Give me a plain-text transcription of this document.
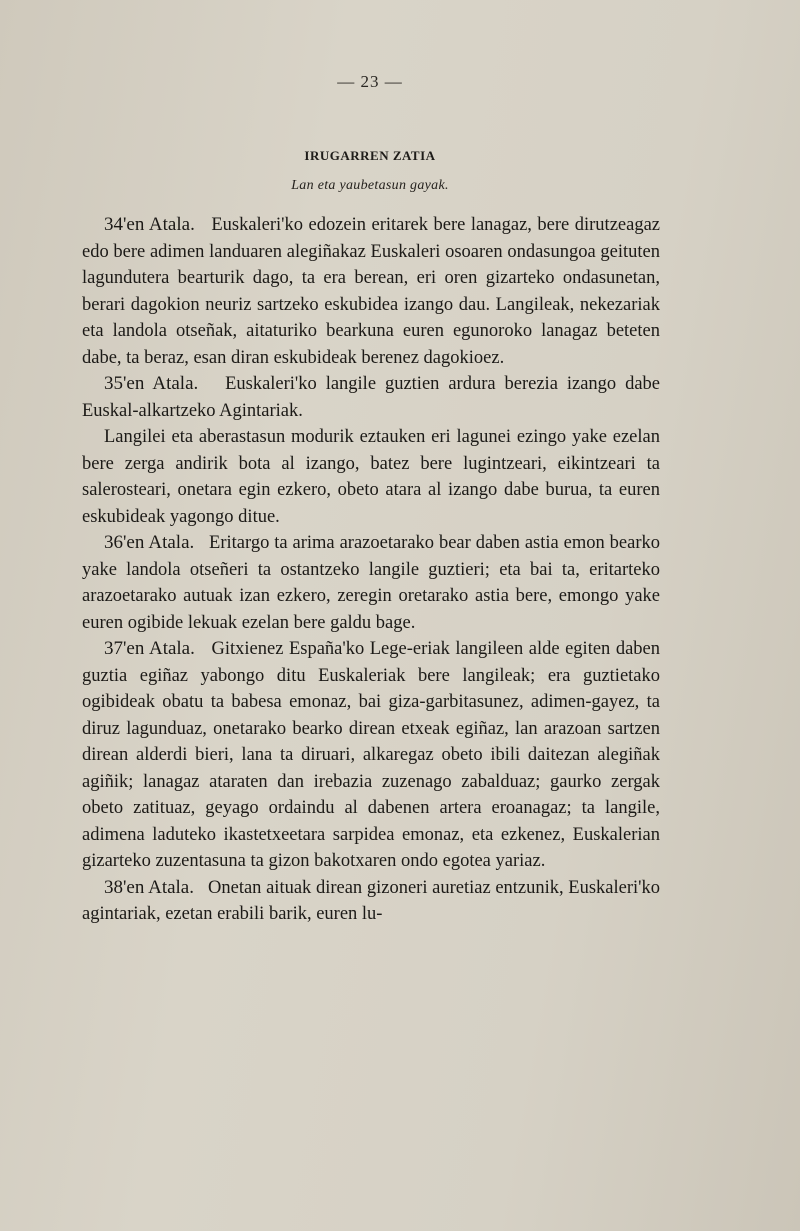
— 23 —
IRUGARREN ZATIA
Lan eta yaubetasun gayak.

34'en Atala. Euskaleri'ko edozein eritarek bere lanagaz, bere dirutzeagaz edo bere adimen landuaren alegiñakaz Euskaleri osoaren ondasungoa geituten lagundutera bearturik dago, ta era berean, eri oren gizarteko ondasunetan, berari dagokion neuriz sartzeko eskubidea izango dau. Langileak, nekezariak eta landola otseñak, aitaturiko bearkuna euren egunoroko lanagaz beteten dabe, ta beraz, esan diran eskubideak berenez dagokioez.

35'en Atala. Euskaleri'ko langile guztien ardura berezia izango dabe Euskal-alkartzeko Agintariak.

Langilei eta aberastasun modurik eztauken eri lagunei ezingo yake ezelan bere zerga andirik bota al izango, batez bere lugintzeari, eikintzeari ta salerosteari, onetara egin ezkero, obeto atara al izango dabe burua, ta euren eskubideak yagongo ditue.

36'en Atala. Eritargo ta arima arazoetarako bear daben astia emon bearko yake landola otseñeri ta ostantzeko langile guztieri; eta bai ta, eritarteko arazoetarako autuak izan ezkero, zeregin oretarako astia bere, emongo yake euren ogibide lekuak ezelan bere galdu bage.

37'en Atala. Gitxienez España'ko Lege-eriak langileen alde egiten daben guztia egiñaz yabongo ditu Euskaleriak bere langileak; era guztietako ogibideak obatu ta babesa emonaz, bai giza-garbitasunez, adimen-gayez, ta diruz lagunduaz, onetarako bearko direan etxeak egiñaz, lan arazoan sartzen direan alderdi bieri, lana ta diruari, alkaregaz obeto ibili daitezan alegiñak agiñik; lanagaz ataraten dan irebazia zuzenago zabalduaz; gaurko zergak obeto zatituaz, geyago ordaindu al dabenen artera eroanagaz; ta langile, adimena laduteko ikastetxeetara sarpidea emonaz, eta ezkenez, Euskalerian gizarteko zuzentasuna ta gizon bakotxaren ondo egotea yariaz.

38'en Atala. Onetan aituak direan gizoneri auretiaz entzunik, Euskaleri'ko agintariak, ezetan erabili barik, euren lu-
